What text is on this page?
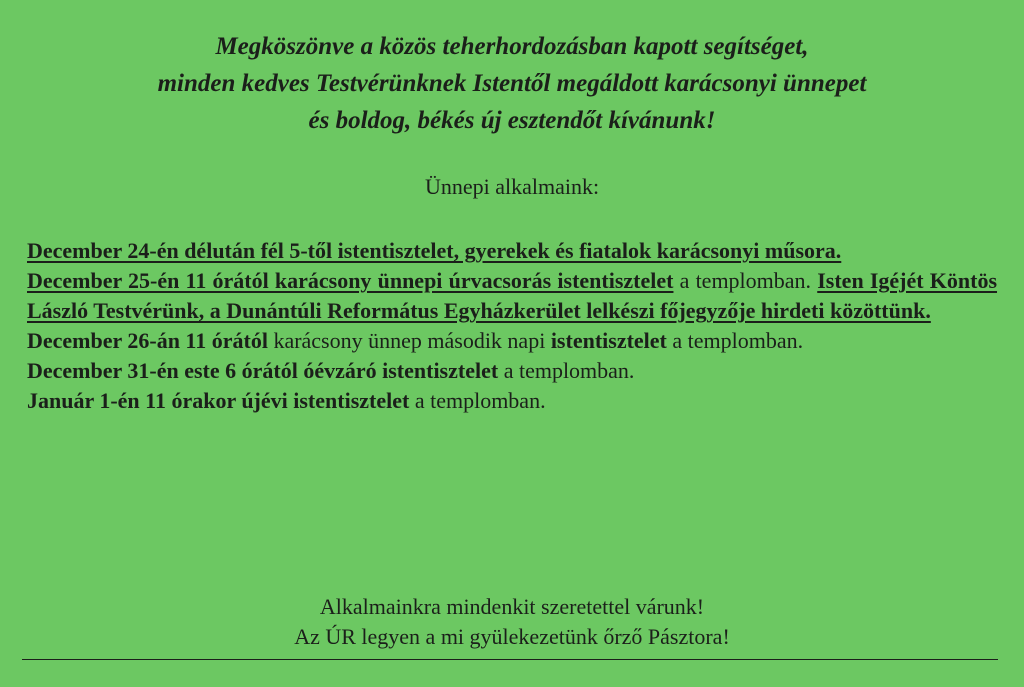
Megköszönve a közös teherhordozásban kapott segítséget,
minden kedves Testvérünknek Istentől megáldott karácsonyi ünnepet
és boldog, békés új esztendőt kívánunk!

Ünnepi alkalmaink:

December 24-én délután fél 5-től istentisztelet, gyerekek és fiatalok karácsonyi műsora.

December 25-én 11 órától karácsony ünnepi úrvacsorás istentisztelet a templomban. Isten Igéjét Köntös László Testvérünk, a Dunántúli Református Egyházkerület lelkészi főjegyzője hirdeti közöttünk.

December 26-án 11 órától karácsony ünnep második napi istentisztelet a templomban.

December 31-én este 6 órától óévzáró istentisztelet a templomban.

Január 1-én 11 órakor újévi istentisztelet a templomban.

Alkalmainkra mindenkit szeretettel várunk!
Az ÚR legyen a mi gyülekezetünk őrző Pásztora!
